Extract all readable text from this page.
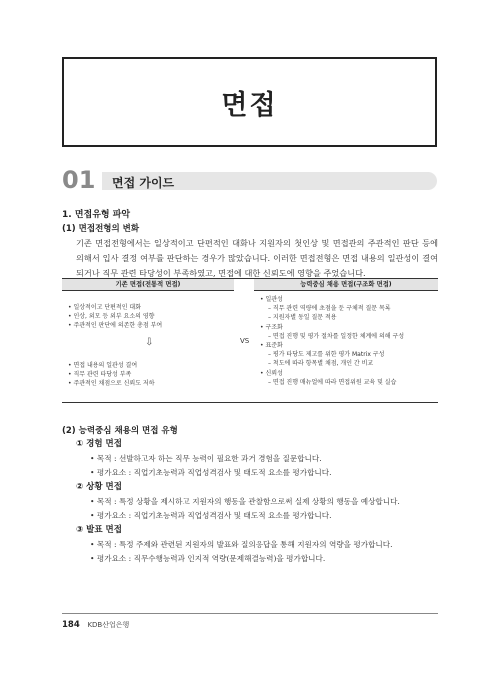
면접
01	면접 가이드
1. 면접유형 파악
(1) 면접전형의 변화
기존 면접전형에서는 일상적이고 단편적인 대화나 지원자의 첫인상 및 면접관의 주관적인 판단 등에 의해서 입사 결정 여부를 판단하는 경우가 많았습니다. 이러한 면접전형은 면접 내용의 일관성이 결여되거나 직무 관련 타당성이 부족하였고, 면접에 대한 신뢰도에 영향을 주었습니다.
기존 면접(전통적 면접)	능력중심 채용 면접(구조화 면접)
• 일상적이고 단편적인 대화
• 인상, 외모 등 외부 요소의 영향
• 주관적인 판단에 의존한 총점 부여
⇩
• 면접 내용의 일관성 결여
• 직무 관련 타당성 부족
• 주관적인 채점으로 신뢰도 저하
VS
• 일관성
– 직무 관련 역량에 초점을 둔 구체적 질문 목록
– 지원자별 동일 질문 적용
• 구조화
– 면접 진행 및 평가 절차를 일정한 체계에 의해 구성
• 표준화
– 평가 타당도 제고를 위한 평가 Matrix 구성
– 척도에 따라 항목별 채점, 개인 간 비교
• 신뢰성
– 면접 진행 매뉴얼에 따라 면접위원 교육 및 실습
(2) 능력중심 채용의 면접 유형
① 경험 면접
• 목적 : 선발하고자 하는 직무 능력이 필요한 과거 경험을 질문합니다.
• 평가요소 : 직업기초능력과 직업성격검사 및 태도적 요소를 평가합니다.
② 상황 면접
• 목적 : 특정 상황을 제시하고 지원자의 행동을 관찰함으로써 실제 상황의 행동을 예상합니다.
• 평가요소 : 직업기초능력과 직업성격검사 및 태도적 요소를 평가합니다.
③ 발표 면접
• 목적 : 특정 주제와 관련된 지원자의 발표와 질의응답을 통해 지원자의 역량을 평가합니다.
• 평가요소 : 직무수행능력과 인지적 역량(문제해결능력)을 평가합니다.
184 KDB산업은행
